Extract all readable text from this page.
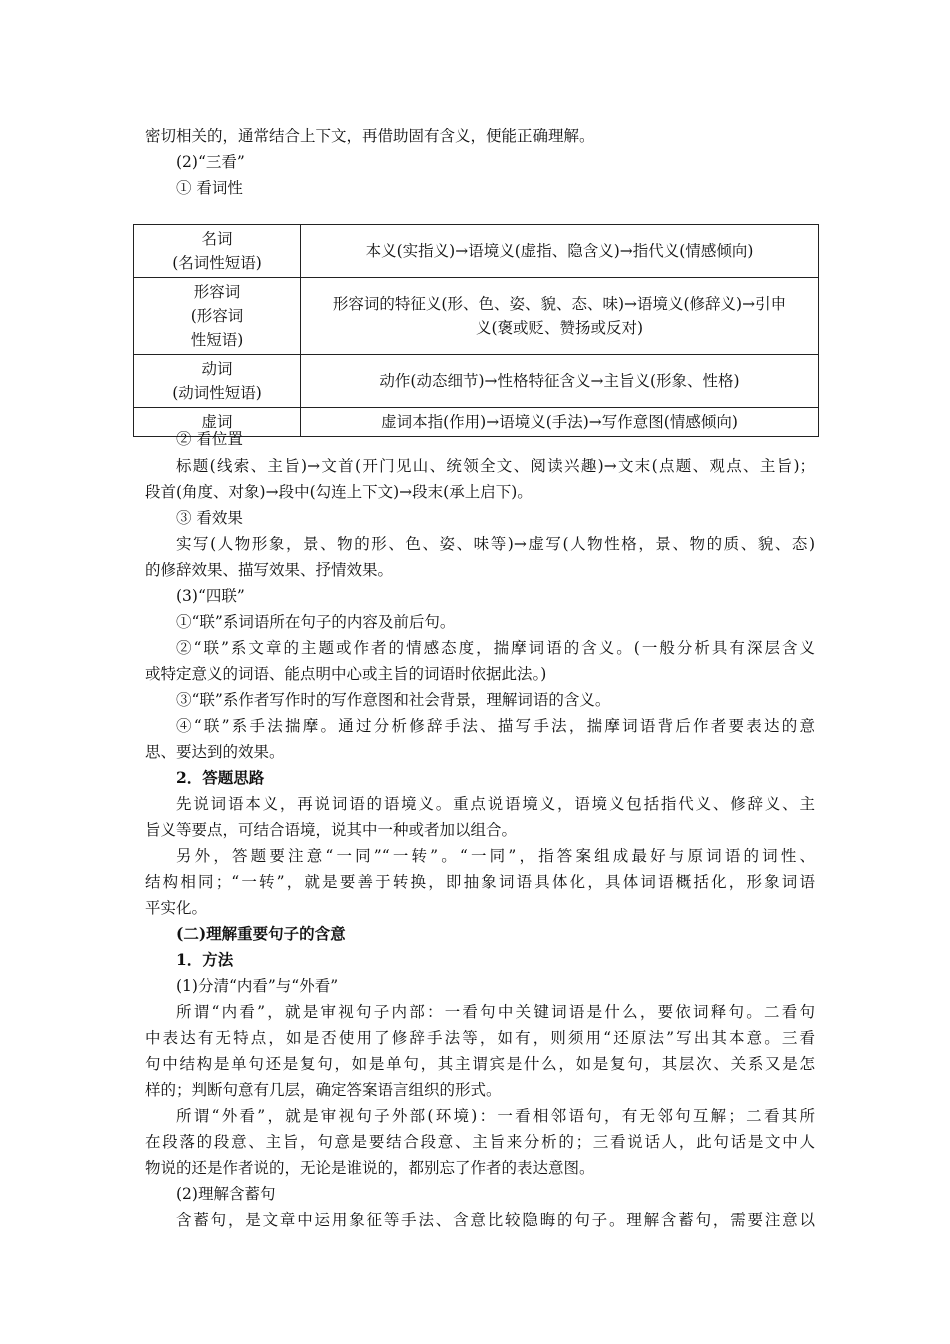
密切相关的，通常结合上下文，再借助固有含义，便能正确理解。
(2)“三看”
① 看词性
名词
(名词性短语)	本义(实指义)→语境义(虚指、隐含义)→指代义(情感倾向)

形容词
(形容词
性短语)	形容词的特征义(形、色、姿、貌、态、味)→语境义(修辞义)→引申
义(褒或贬、赞扬或反对)

动词
(动词性短语)	动作(动态细节)→性格特征含义→主旨义(形象、性格)

虚词	虚词本指(作用)→语境义(手法)→写作意图(情感倾向)
② 看位置
标题(线索、主旨)→文首(开门见山、统领全文、阅读兴趣)→文末(点题、观点、主旨)；
段首(角度、对象)→段中(勾连上下文)→段末(承上启下)。
③ 看效果
实写(人物形象，景、物的形、色、姿、味等)→虚写(人物性格，景、物的质、貌、态)
的修辞效果、描写效果、抒情效果。
(3)“四联”
①“联”系词语所在句子的内容及前后句。
②“联”系文章的主题或作者的情感态度，揣摩词语的含义。(一般分析具有深层含义
或特定意义的词语、能点明中心或主旨的词语时依据此法。)
③“联”系作者写作时的写作意图和社会背景，理解词语的含义。
④“联”系手法揣摩。通过分析修辞手法、描写手法，揣摩词语背后作者要表达的意
思、要达到的效果。
2．答题思路
先说词语本义，再说词语的语境义。重点说语境义，语境义包括指代义、修辞义、主
旨义等要点，可结合语境，说其中一种或者加以组合。
另外，答题要注意“一同”“一转”。“一同”，指答案组成最好与原词语的词性、
结构相同；“一转”，就是要善于转换，即抽象词语具体化，具体词语概括化，形象词语
平实化。
(二)理解重要句子的含意
1．方法
(1)分清“内看”与“外看”
所谓“内看”，就是审视句子内部：一看句中关键词语是什么，要依词释句。二看句
中表达有无特点，如是否使用了修辞手法等，如有，则须用“还原法”写出其本意。三看
句中结构是单句还是复句，如是单句，其主谓宾是什么，如是复句，其层次、关系又是怎
样的；判断句意有几层，确定答案语言组织的形式。
所谓“外看”，就是审视句子外部(环境)：一看相邻语句，有无邻句互解；二看其所
在段落的段意、主旨，句意是要结合段意、主旨来分析的；三看说话人，此句话是文中人
物说的还是作者说的，无论是谁说的，都别忘了作者的表达意图。
(2)理解含蓄句
含蓄句，是文章中运用象征等手法、含意比较隐晦的句子。理解含蓄句，需要注意以
